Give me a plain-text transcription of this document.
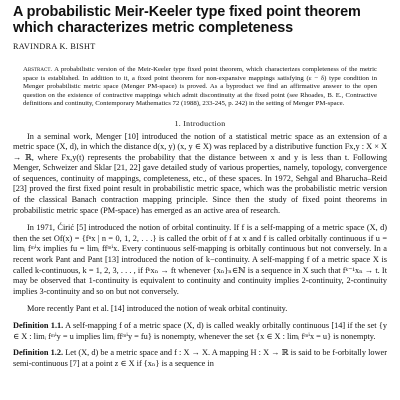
A probabilistic Meir-Keeler type fixed point theorem which characterizes metric completeness
RAVINDRA K. BISHT
Abstract. A probabilistic version of the Meir-Keeler type fixed point theorem, which characterizes completeness of the metric space is established. In addition to it, a fixed point theorem for non-expansive mappings satisfying (ε − δ) type condition in Menger probabilistic metric space (Menger PM-space) is proved. As a byproduct we find an affirmative answer to the open question on the existence of contractive mappings which admit discontinuity at the fixed point (see Rhoades, B. E., Contractive definitions and continuity, Contemporary Mathematics 72 (1988), 233-245, p. 242) in the setting of Menger PM-space.
1. Introduction

In a seminal work, Menger [10] introduced the notion of a statistical metric space as an extension of a metric space (X, d), in which the distance d(x, y) (x, y ∈ X) was replaced by a distributive function Fx,y : X × X → ℝ, where Fx,y(t) represents the probability that the distance between x and y is less than t. Following Menger, Schweizer and Sklar [21, 22] gave detailed study of various properties, namely, topology, convergence of sequences, continuity of mappings, completeness, etc., of these spaces. In 1972, Sehgal and Bharucha–Reid [23] proved the first fixed point result in probabilistic metric space, which was the probabilistic metric version of the classical Banach contraction mapping principle. Since then the study of fixed point theorems in probabilistic metric space (PM-space) has emerged as an active area of research.

In 1971, Ćirić [5] introduced the notion of orbital continuity. If f is a self-mapping of a metric space (X, d) then the set Of(x) = {fⁿx | n = 0, 1, 2, . . .} is called the orbit of f at x and f is called orbitally continuous if u = limᵢ fᵐⁱx implies fu = limᵢ ffᵐⁱx. Every continuous self-mapping is orbitally continuous but not conversely. In a recent work Pant and Pant [13] introduced the notion of k−continuity. A self-mapping f of a metric space X is called k-continuous, k = 1, 2, 3, . . . , if fᵏxₙ → ft whenever {xₙ}ₙ∈ℕ is a sequence in X such that fᵏ⁻¹xₙ → t. It may be observed that 1-continuity is equivalent to continuity and continuity implies 2-continuity, 2-continuity implies 3-continuity and so on but not conversely.

More recently Pant et al. [14] introduced the notion of weak orbital continuity.

Definition 1.1. A self-mapping f of a metric space (X, d) is called weakly orbitally continuous [14] if the set {y ∈ X : limᵢ fᵐⁱy = u implies limᵢ ffᵐⁱy = fu} is nonempty, whenever the set {x ∈ X : limᵢ fᵐⁱx = u} is nonempty.

Definition 1.2. Let (X, d) be a metric space and f : X → X. A mapping H : X → ℝ is said to be f-orbitally lower semi-continuous [7] at a point z ∈ X if {xₙ} is a sequence in
